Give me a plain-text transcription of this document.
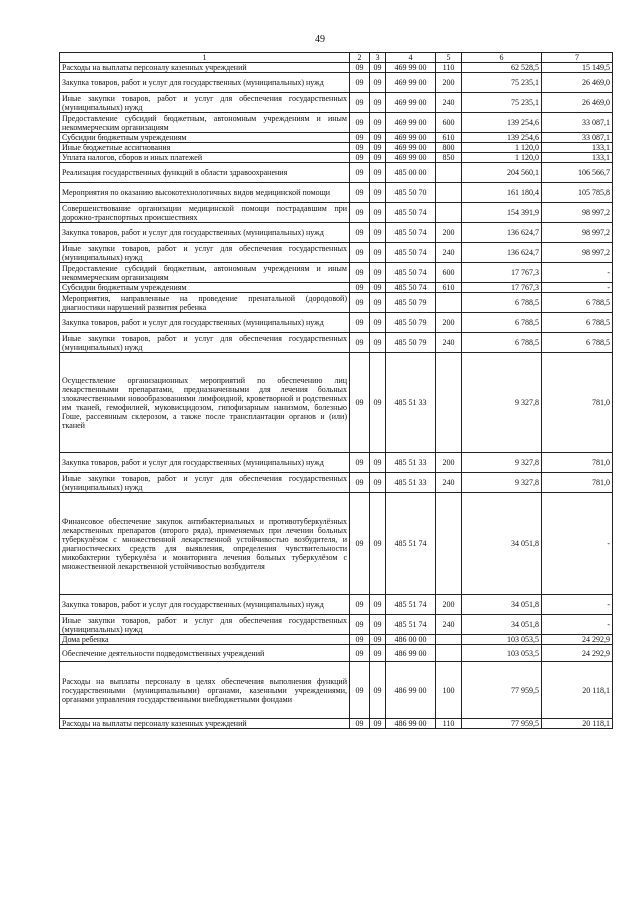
49
1	2	3	4	5	6	7
Расходы на выплаты персоналу казенных учреждений	09	09	469 99 00	110	62 528,5	15 149,5
Закупка товаров, работ и услуг для государственных (муниципальных) нужд	09	09	469 99 00	200	75 235,1	26 469,0
Иные закупки товаров, работ и услуг для обеспечения государственных (муниципальных) нужд	09	09	469 99 00	240	75 235,1	26 469,0
Предоставление субсидий бюджетным, автономным учреждениям и иным некоммерческим организациям	09	09	469 99 00	600	139 254,6	33 087,1
Субсидии бюджетным учреждениям	09	09	469 99 00	610	139 254,6	33 087,1
Иные бюджетные ассигнования	09	09	469 99 00	800	1 120,0	133,1
Уплата налогов, сборов и иных платежей	09	09	469 99 00	850	1 120,0	133,1
Реализация государственных функций в области здравоохранения	09	09	485 00 00		204 560,1	106 566,7
Мероприятия по оказанию высокотехнологичных видов медицинской помощи	09	09	485 50 70		161 180,4	105 785,8
Совершенствование организации медицинской помощи пострадавшим при дорожно-транспортных происшествиях	09	09	485 50 74		154 391,9	98 997,2
Закупка товаров, работ и услуг для государственных (муниципальных) нужд	09	09	485 50 74	200	136 624,7	98 997,2
Иные закупки товаров, работ и услуг для обеспечения государственных (муниципальных) нужд	09	09	485 50 74	240	136 624,7	98 997,2
Предоставление субсидий бюджетным, автономным учреждениям и иным некоммерческим организациям	09	09	485 50 74	600	17 767,3	-
Субсидии бюджетным учреждениям	09	09	485 50 74	610	17 767,3	-
Мероприятия, направленные на проведение пренатальной (дородовой) диагностики нарушений развития ребенка	09	09	485 50 79		6 788,5	6 788,5
Закупка товаров, работ и услуг для государственных (муниципальных) нужд	09	09	485 50 79	200	6 788,5	6 788,5
Иные закупки товаров, работ и услуг для обеспечения государственных (муниципальных) нужд	09	09	485 50 79	240	6 788,5	6 788,5
Осуществление организационных мероприятий по обеспечению лиц лекарственными препаратами, предназначенными для лечения больных злокачественными новообразованиями лимфоидной, кроветворной и родственных им тканей, гемофилией, муковисцидозом, гипофизарным нанизмом, болезнью Гоше, рассеянным склерозом, а также после трансплантации органов и (или) тканей	09	09	485 51 33		9 327,8	781,0
Закупка товаров, работ и услуг для государственных (муниципальных) нужд	09	09	485 51 33	200	9 327,8	781,0
Иные закупки товаров, работ и услуг для обеспечения государственных (муниципальных) нужд	09	09	485 51 33	240	9 327,8	781,0
Финансовое обеспечение закупок антибактериальных и противотуберкулёзных лекарственных препаратов (второго ряда), применяемых при лечении больных туберкулёзом с множественной лекарственной устойчивостью возбудителя, и диагностических средств для выявления, определения чувствительности микобактерии туберкулёза и мониторинга лечения больных туберкулёзом с множественной лекарственной устойчивостью возбудителя	09	09	485 51 74		34 051,8	-
Закупка товаров, работ и услуг для государственных (муниципальных) нужд	09	09	485 51 74	200	34 051,8	-
Иные закупки товаров, работ и услуг для обеспечения государственных (муниципальных) нужд	09	09	485 51 74	240	34 051,8	-
Дома ребенка	09	09	486 00 00		103 053,5	24 292,9
Обеспечение деятельности подведомственных учреждений	09	09	486 99 00		103 053,5	24 292,9
Расходы на выплаты персоналу в целях обеспечения выполнения функций государственными (муниципальными) органами, казенными учреждениями, органами управления государственными внебюджетными фондами	09	09	486 99 00	100	77 959,5	20 118,1
Расходы на выплаты персоналу казенных учреждений	09	09	486 99 00	110	77 959,5	20 118,1
